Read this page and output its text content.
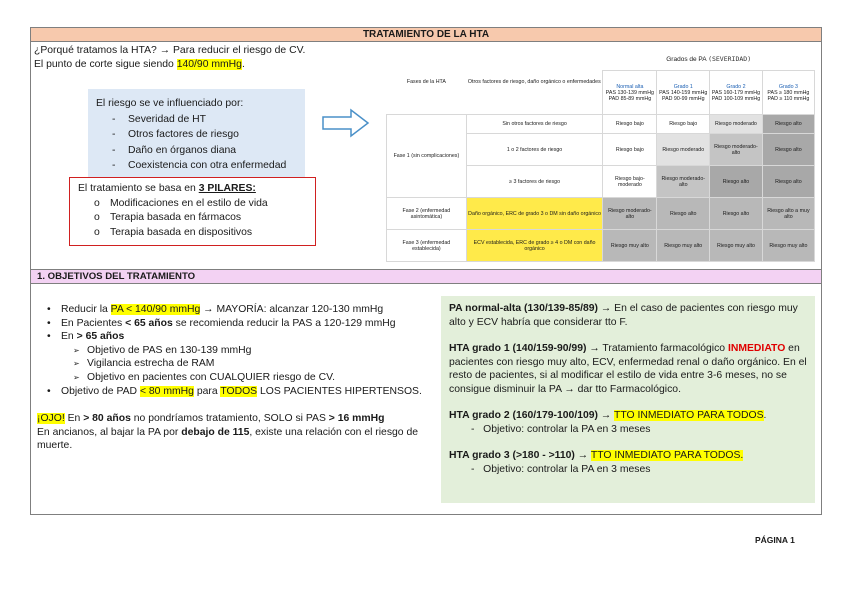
TRATAMIENTO DE LA HTA
¿Porqué tratamos la HTA? → Para reducir el riesgo de CV.
El punto de corte sigue siendo 140/90 mmHg.
El riesgo se ve influenciado por:
- Severidad de HT
- Otros factores de riesgo
- Daño en órganos diana
- Coexistencia con otra enfermedad
El tratamiento se basa en 3 PILARES:
o Modificaciones en el estilo de vida
o Terapia basada en fármacos
o Terapia basada en dispositivos
Fases de la HTA	Otros factores de riesgo, daño orgánico o enfermedades	Grados de PA (SEVERIDAD)			
		Normal alta
PAS 130-139 mmHg
PAD 85-89 mmHg	Grado 1
PAS 140-159 mmHg
PAD 90-99 mmHg	Grado 2
PAS 160-179 mmHg
PAD 100-109 mmHg	Grado 3
PAS ≥ 180 mmHg
PAD ≥ 110 mmHg
Fase 1 (sin complicaciones)	Sin otros factores de riesgo	Riesgo bajo	Riesgo bajo	Riesgo moderado	Riesgo alto
	1 o 2 factores de riesgo	Riesgo bajo	Riesgo moderado	Riesgo moderado-alto	Riesgo alto
	≥ 3 factores de riesgo	Riesgo bajo-moderado	Riesgo moderado-alto	Riesgo alto	Riesgo alto
Fase 2 (enfermedad asintomática)	Daño orgánico, ERC de grado 3 o DM sin daño orgánico	Riesgo moderado-alto	Riesgo alto	Riesgo alto	Riesgo alto a muy alto
Fase 3 (enfermedad establecida)	ECV establecida, ERC de grado ≥ 4 o DM con daño orgánico	Riesgo muy alto	Riesgo muy alto	Riesgo muy alto	Riesgo muy alto
1. OBJETIVOS DEL TRATAMIENTO
• Reducir la PA < 140/90 mmHg → MAYORÍA: alcanzar 120-130 mmHg
• En Pacientes < 65 años se recomienda reducir la PAS a 120-129 mmHg
• En > 65 años
➢ Objetivo de PAS en 130-139 mmHg
➢ Vigilancia estrecha de RAM
➢ Objetivo en pacientes con CUALQUIER riesgo de CV.
• Objetivo de PAD < 80 mmHg para TODOS LOS PACIENTES HIPERTENSOS.
¡OJO! En > 80 años no pondríamos tratamiento, SOLO si PAS > 16 mmHg
En ancianos, al bajar la PA por debajo de 115, existe una relación con el riesgo de muerte.
PA normal-alta (130/139-85/89) → En el caso de pacientes con riesgo muy alto y ECV habría que considerar tto F.
HTA grado 1 (140/159-90/99) → Tratamiento farmacológico INMEDIATO en pacientes con riesgo muy alto, ECV, enfermedad renal o daño orgánico. En el resto de pacientes, si al modificar el estilo de vida entre 3-6 meses, no se consigue disminuir la PA → dar tto Farmacológico.
HTA grado 2 (160/179-100/109) → TTO INMEDIATO PARA TODOS.
-   Objetivo: controlar la PA en 3 meses
HTA grado 3 (>180 - >110) → TTO INMEDIATO PARA TODOS.
-   Objetivo: controlar la PA en 3 meses
PÁGINA 1
